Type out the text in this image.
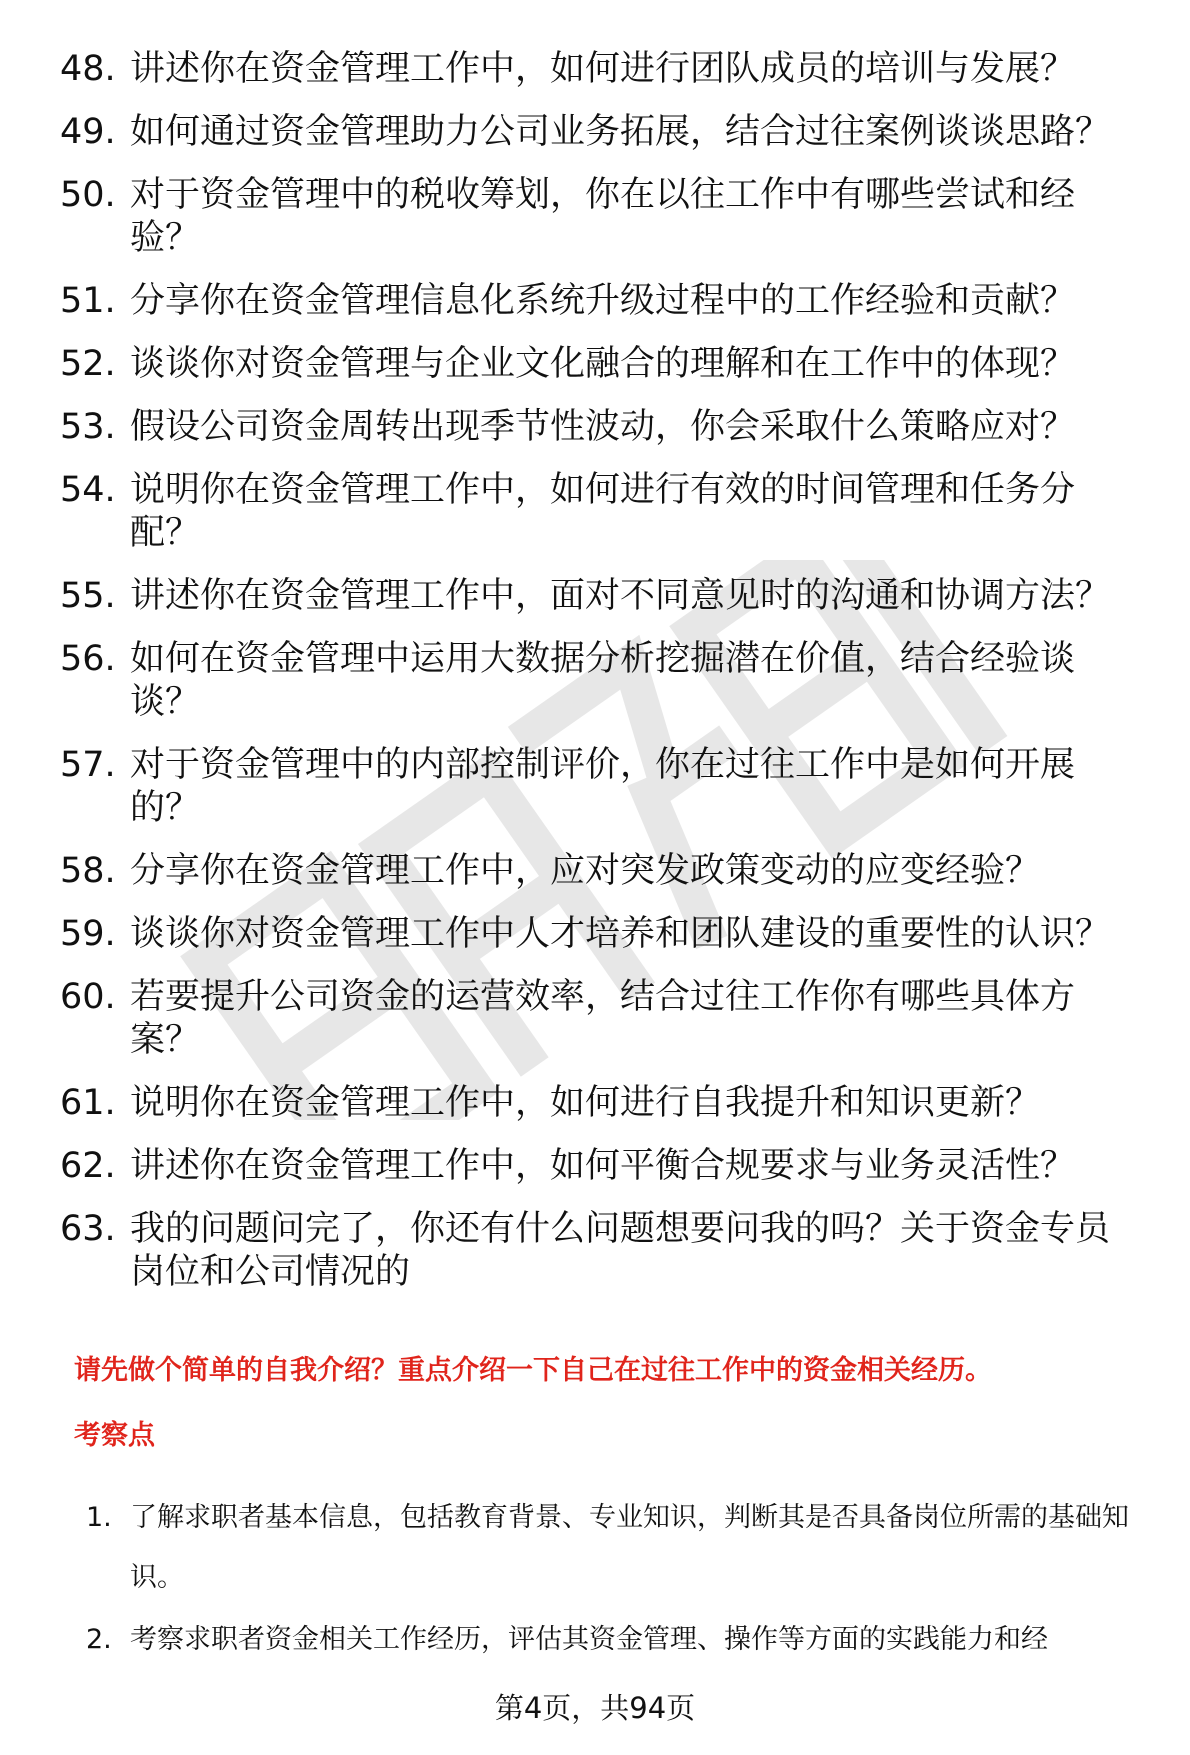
48. 讲述你在资金管理工作中，如何进行团队成员的培训与发展？
49. 如何通过资金管理助力公司业务拓展，结合过往案例谈谈思路？
50. 对于资金管理中的税收筹划，你在以往工作中有哪些尝试和经验？
51. 分享你在资金管理信息化系统升级过程中的工作经验和贡献？
52. 谈谈你对资金管理与企业文化融合的理解和在工作中的体现？
53. 假设公司资金周转出现季节性波动，你会采取什么策略应对？
54. 说明你在资金管理工作中，如何进行有效的时间管理和任务分配？
55. 讲述你在资金管理工作中，面对不同意见时的沟通和协调方法？
56. 如何在资金管理中运用大数据分析挖掘潜在价值，结合经验谈谈？
57. 对于资金管理中的内部控制评价，你在过往工作中是如何开展的？
58. 分享你在资金管理工作中，应对突发政策变动的应变经验？
59. 谈谈你对资金管理工作中人才培养和团队建设的重要性的认识？
60. 若要提升公司资金的运营效率，结合过往工作你有哪些具体方案？
61. 说明你在资金管理工作中，如何进行自我提升和知识更新？
62. 讲述你在资金管理工作中，如何平衡合规要求与业务灵活性？
63. 我的问题问完了，你还有什么问题想要问我的吗？关于资金专员岗位和公司情况的
请先做个简单的自我介绍？重点介绍一下自己在过往工作中的资金相关经历。
考察点
1. 了解求职者基本信息，包括教育背景、专业知识，判断其是否具备岗位所需的基础知识。
2. 考察求职者资金相关工作经历，评估其资金管理、操作等方面的实践能力和经
第4页，共94页
